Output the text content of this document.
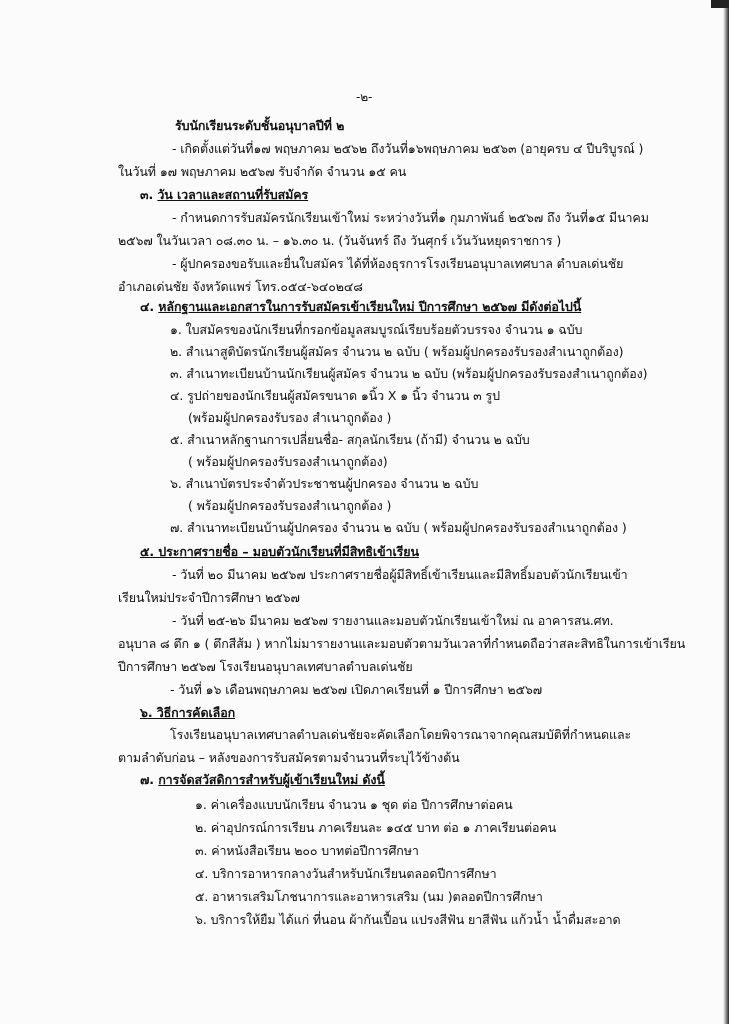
-๒-
รับนักเรียนระดับชั้นอนุบาลปีที่ ๒
- เกิดตั้งแต่วันที่๑๗ พฤษภาคม ๒๕๖๒ ถึงวันที่๑๖พฤษภาคม ๒๕๖๓ (อายุครบ ๔ ปีบริบูรณ์ )
ในวันที่ ๑๗ พฤษภาคม ๒๕๖๗ รับจำกัด จำนวน ๑๕ คน
๓. วัน เวลาและสถานที่รับสมัคร
- กำหนดการรับสมัครนักเรียนเข้าใหม่ ระหว่างวันที่๑ กุมภาพันธ์ ๒๕๖๗ ถึง วันที่๑๕ มีนาคม
๒๕๖๗ ในวันเวลา ๐๘.๓๐ น. – ๑๖.๓๐ น. (วันจันทร์ ถึง วันศุกร์ เว้นวันหยุดราชการ )
- ผู้ปกครองขอรับและยื่นใบสมัคร ได้ที่ห้องธุรการโรงเรียนอนุบาลเทศบาล ตำบลเด่นชัย
อำเภอเด่นชัย จังหวัดแพร่ โทร.๐๕๔-๖๔๐๒๔๘
๔. หลักฐานและเอกสารในการรับสมัครเข้าเรียนใหม่ ปีการศึกษา ๒๕๖๗ มีดังต่อไปนี้
๑. ใบสมัครของนักเรียนที่กรอกข้อมูลสมบูรณ์เรียบร้อยตัวบรรจง จำนวน ๑ ฉบับ
๒. สำเนาสูติบัตรนักเรียนผู้สมัคร จำนวน ๒ ฉบับ ( พร้อมผู้ปกครองรับรองสำเนาถูกต้อง)
๓. สำเนาทะเบียนบ้านนักเรียนผู้สมัคร จำนวน ๒ ฉบับ (พร้อมผู้ปกครองรับรองสำเนาถูกต้อง)
๔. รูปถ่ายของนักเรียนผู้สมัครขนาด ๑นิ้ว X ๑ นิ้ว จำนวน ๓ รูป
(พร้อมผู้ปกครองรับรอง สำเนาถูกต้อง )
๕. สำเนาหลักฐานการเปลี่ยนชื่อ- สกุลนักเรียน (ถ้ามี) จำนวน ๒ ฉบับ
( พร้อมผู้ปกครองรับรองสำเนาถูกต้อง)
๖. สำเนาบัตรประจำตัวประชาชนผู้ปกครอง จำนวน ๒ ฉบับ
( พร้อมผู้ปกครองรับรองสำเนาถูกต้อง )
๗. สำเนาทะเบียนบ้านผู้ปกครอง จำนวน ๒ ฉบับ ( พร้อมผู้ปกครองรับรองสำเนาถูกต้อง )
๕. ประกาศรายชื่อ – มอบตัวนักเรียนที่มีสิทธิเข้าเรียน
- วันที่ ๒๐ มีนาคม ๒๕๖๗ ประกาศรายชื่อผู้มีสิทธิ์เข้าเรียนและมีสิทธิ์มอบตัวนักเรียนเข้า
เรียนใหม่ประจำปีการศึกษา ๒๕๖๗
- วันที่ ๒๕-๒๖ มีนาคม ๒๕๖๗ รายงานและมอบตัวนักเรียนเข้าใหม่ ณ อาคารสน.ศท.
อนุบาล ๘ ตึก ๑ ( ตึกสีส้ม ) หากไม่มารายงานและมอบตัวตามวันเวลาที่กำหนดถือว่าสละสิทธิในการเข้าเรียน
ปีการศึกษา ๒๕๖๗ โรงเรียนอนุบาลเทศบาลตำบลเด่นชัย
- วันที่ ๑๖ เดือนพฤษภาคม ๒๕๖๗ เปิดภาคเรียนที่ ๑ ปีการศึกษา ๒๕๖๗
๖. วิธีการคัดเลือก
โรงเรียนอนุบาลเทศบาลตำบลเด่นชัยจะคัดเลือกโดยพิจารณาจากคุณสมบัติที่กำหนดและ
ตามลำดับก่อน – หลังของการรับสมัครตามจำนวนที่ระบุไว้ข้างต้น
๗. การจัดสวัสดิการสำหรับผู้เข้าเรียนใหม่ ดังนี้
๑. ค่าเครื่องแบบนักเรียน จำนวน ๑ ชุด ต่อ ปีการศึกษาต่อคน
๒. ค่าอุปกรณ์การเรียน ภาคเรียนละ ๑๔๕ บาท ต่อ ๑ ภาคเรียนต่อคน
๓. ค่าหนังสือเรียน ๒๐๐ บาทต่อปีการศึกษา
๔. บริการอาหารกลางวันสำหรับนักเรียนตลอดปีการศึกษา
๕. อาหารเสริมโภชนาการและอาหารเสริม (นม )ตลอดปีการศึกษา
๖. บริการให้ยืม ได้แก่ ที่นอน ผ้ากันเปื้อน แปรงสีฟัน ยาสีฟัน แก้วน้ำ น้ำดื่มสะอาด
